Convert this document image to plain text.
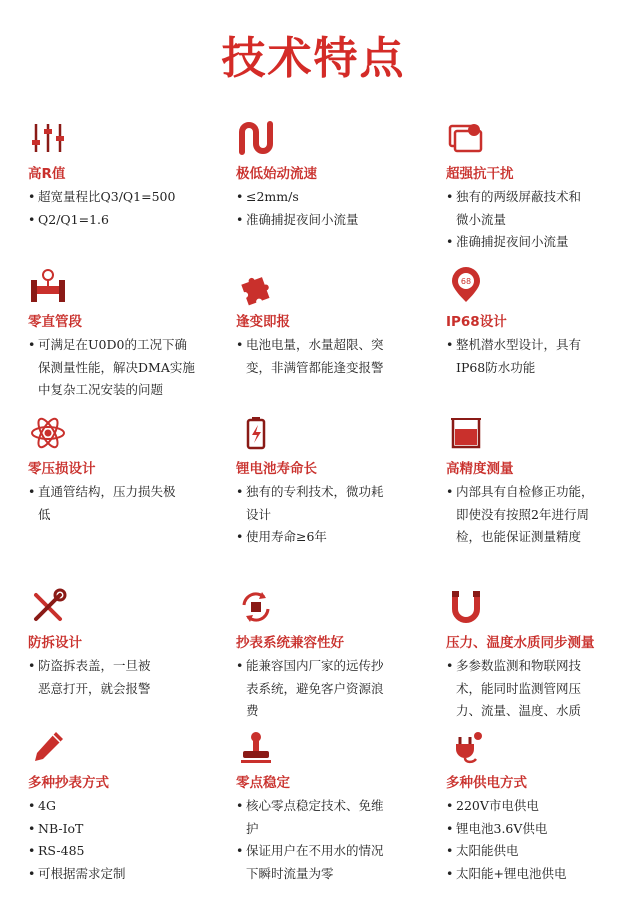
技术特点
高R值
• 超宽量程比Q3/Q1=500
• Q2/Q1=1.6
极低始动流速
• ≤2mm/s
• 准确捕捉夜间小流量
超强抗干扰
• 独有的两级屏蔽技术和
微小流量
• 准确捕捉夜间小流量
零直管段
• 可满足在U0D0的工况下确
保测量性能，解决DMA实施
中复杂工况安装的问题
逢变即报
• 电池电量，水量超限、突
变，非满管都能逢变报警
68
IP68设计
• 整机潜水型设计，具有
IP68防水功能
零压损设计
• 直通管结构，压力损失极
低
锂电池寿命长
• 独有的专利技术，微功耗
设计
• 使用寿命≥6年
高精度测量
• 内部具有自检修正功能，
即使没有按照2年进行周
检，也能保证测量精度
防拆设计
• 防盗拆表盖，一旦被
恶意打开，就会报警
抄表系统兼容性好
• 能兼容国内厂家的远传抄
表系统，避免客户资源浪
费
压力、温度水质同步测量
• 多参数监测和物联网技
术，能同时监测管网压
力、流量、温度、水质
多种抄表方式
• 4G
• NB-IoT
• RS-485
• 可根据需求定制
零点稳定
• 核心零点稳定技术、免维
护
• 保证用户在不用水的情况
下瞬时流量为零
多种供电方式
• 220V市电供电
• 锂电池3.6V供电
• 太阳能供电
• 太阳能+锂电池供电
